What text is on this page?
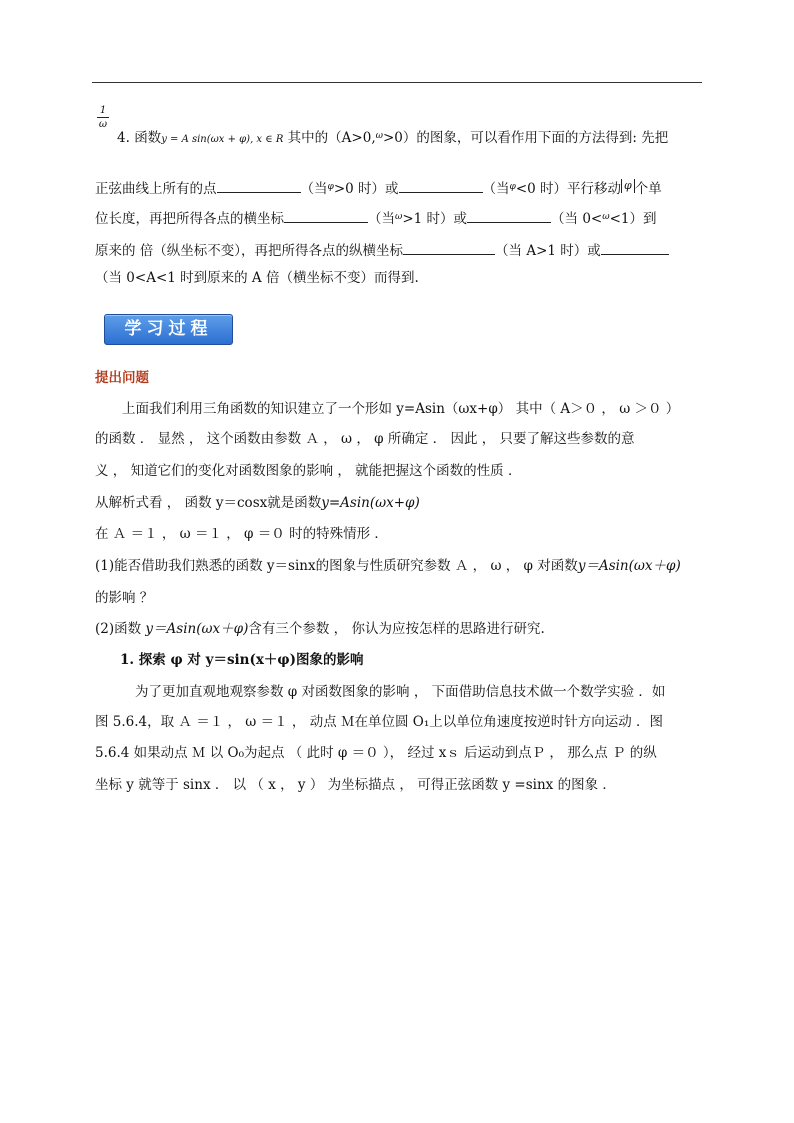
$\frac{1}{\omega}$
4. 函数y = A sin(ωx + φ), x ∈ R 其中的（A>0,$^\omega$>0）的图象，可以看作用下面的方法得到: 先把
正弦曲线上所有的点	（当$^\varphi$>0 时）或	（当$^\varphi$<0 时）平行移动 φ 个单
位长度，再把所得各点的横坐标	（当$^\omega$>1 时）或	（当 0<$^\omega$<1）到
原来的 倍（纵坐标不变），再把所得各点的纵横坐标	（当 A>1 时）或
（当 0<A<1 时到原来的 A 倍（横坐标不变）而得到.
学习过程
提出问题
上面我们利用三角函数的知识建立了一个形如 y=Asin（ωx+φ） 其中（ A＞０ ， ω ＞０ ）
的函数 ． 显然 ， 这个函数由参数 Ａ ， ω ， φ 所确定 ． 因此 ， 只要了解这些参数的意
义 ， 知道它们的变化对函数图象的影响 ， 就能把握这个函数的性质 ．
从解析式看 ， 函数 y＝cosx就是函数y=Asin(ωx+φ)
在 Ａ ＝１ ， ω ＝１ ， φ ＝０ 时的特殊情形 ．
(1)能否借助我们熟悉的函数 y＝sinx的图象与性质研究参数 Ａ ， ω ， φ 对函数y＝Asin(ωx＋φ)
的影响 ？
(2)函数 y＝Asin(ωx＋φ)含有三个参数 ， 你认为应按怎样的思路进行研究.
1. 探索 φ 对 y＝sin(x＋φ)图象的影响
为了更加直观地观察参数 φ 对函数图象的影响 ， 下面借助信息技术做一个数学实验 ．如
图 5.6.4，取 Ａ ＝１ ， ω ＝１ ， 动点 Ｍ在单位圆 O₁上以单位角速度按逆时针方向运动 ．图
5.6.4 如果动点 Ｍ 以 O₀为起点 （ 此时 φ ＝０ ）， 经过 xｓ 后运动到点Ｐ ， 那么点 Ｐ 的纵
坐标 y 就等于 sinx ． 以 （ x ， y ） 为坐标描点 ， 可得正弦函数 y =sinx 的图象 ．
